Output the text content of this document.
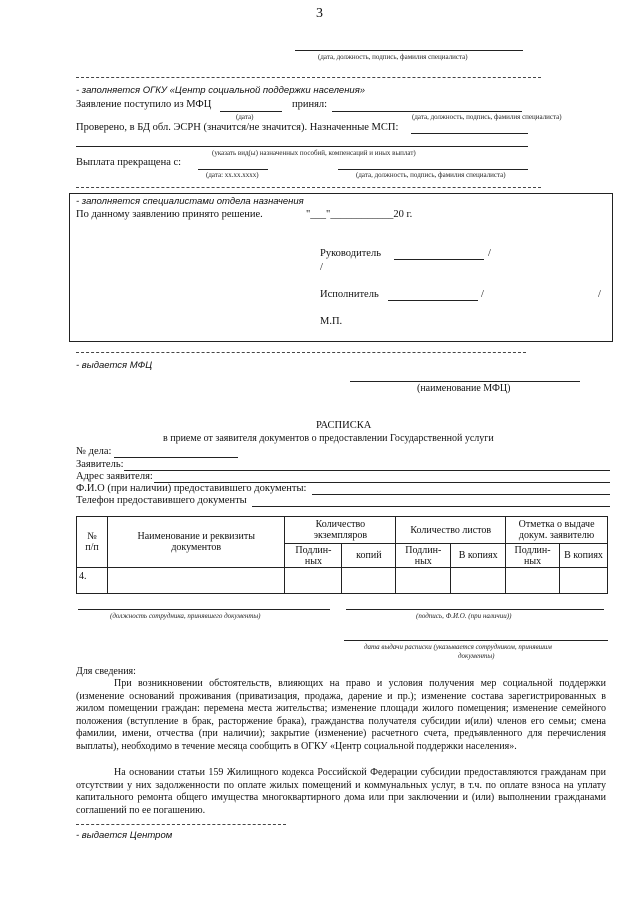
3
(дата, должность, подпись, фамилия специалиста)
- заполняется ОГКУ «Центр социальной поддержки населения»
Заявление поступило из МФЦ	принял:
(дата)	(дата, должность, подпись, фамилия специалиста)
Проверено, в БД обл. ЭСРН (значится/не значится). Назначенные МСП:
(указать вид(ы) назначенных пособий, компенсаций и иных выплат)
Выплата прекращена с:
(дата: хх.хх.хххх)	(дата, должность, подпись, фамилия специалиста)
- заполняется специалистами отдела назначения
По данному заявлению принято решение.	"___"____________20 г.
Руководитель	/
/
Исполнитель	/	/
М.П.
- выдается МФЦ
(наименование МФЦ)
РАСПИСКА
в приеме от заявителя документов о предоставлении Государственной услуги
№ дела:
Заявитель:
Адрес заявителя:
Ф.И.О (при наличии) предоставившего документы:
Телефон предоставившего документы
№ п/п	Наименование и реквизиты документов	Количество экземпляров		Количество листов		Отметка о выдаче докум. заявителю	
		Подлин-ных	копий	Подлин-ных	В копиях	Подлин-ных	В копиях
4.							
(должность сотрудника, принявшего документы)	(подпись, Ф.И.О. (при наличии))
дата выдачи расписки (указывается сотрудником, принявшим
документы)
Для сведения:
При возникновении обстоятельств, влияющих на право и условия получения мер социальной поддержки (изменение оснований проживания (приватизация, продажа, дарение и пр.); изменение состава зарегистрированных в жилом помещении граждан: перемена места жительства; изменение площади жилого помещения; изменение семейного положения (вступление в брак, расторжение брака), гражданства получателя субсидии и(или) членов его семьи; смена фамилии, имени, отчества (при наличии); закрытие (изменение) расчетного счета, предъявленного для перечисления выплаты), необходимо в течение месяца сообщить в ОГКУ «Центр социальной поддержки населения».
На основании статьи 159 Жилищного кодекса Российской Федерации субсидии предоставляются гражданам при отсутствии у них задолженности по оплате жилых помещений и коммунальных услуг, в т.ч. по оплате взноса на уплату капитального ремонта общего имущества многоквартирного дома или при заключении и (или) выполнении гражданами соглашений по ее погашению.
- выдается Центром
